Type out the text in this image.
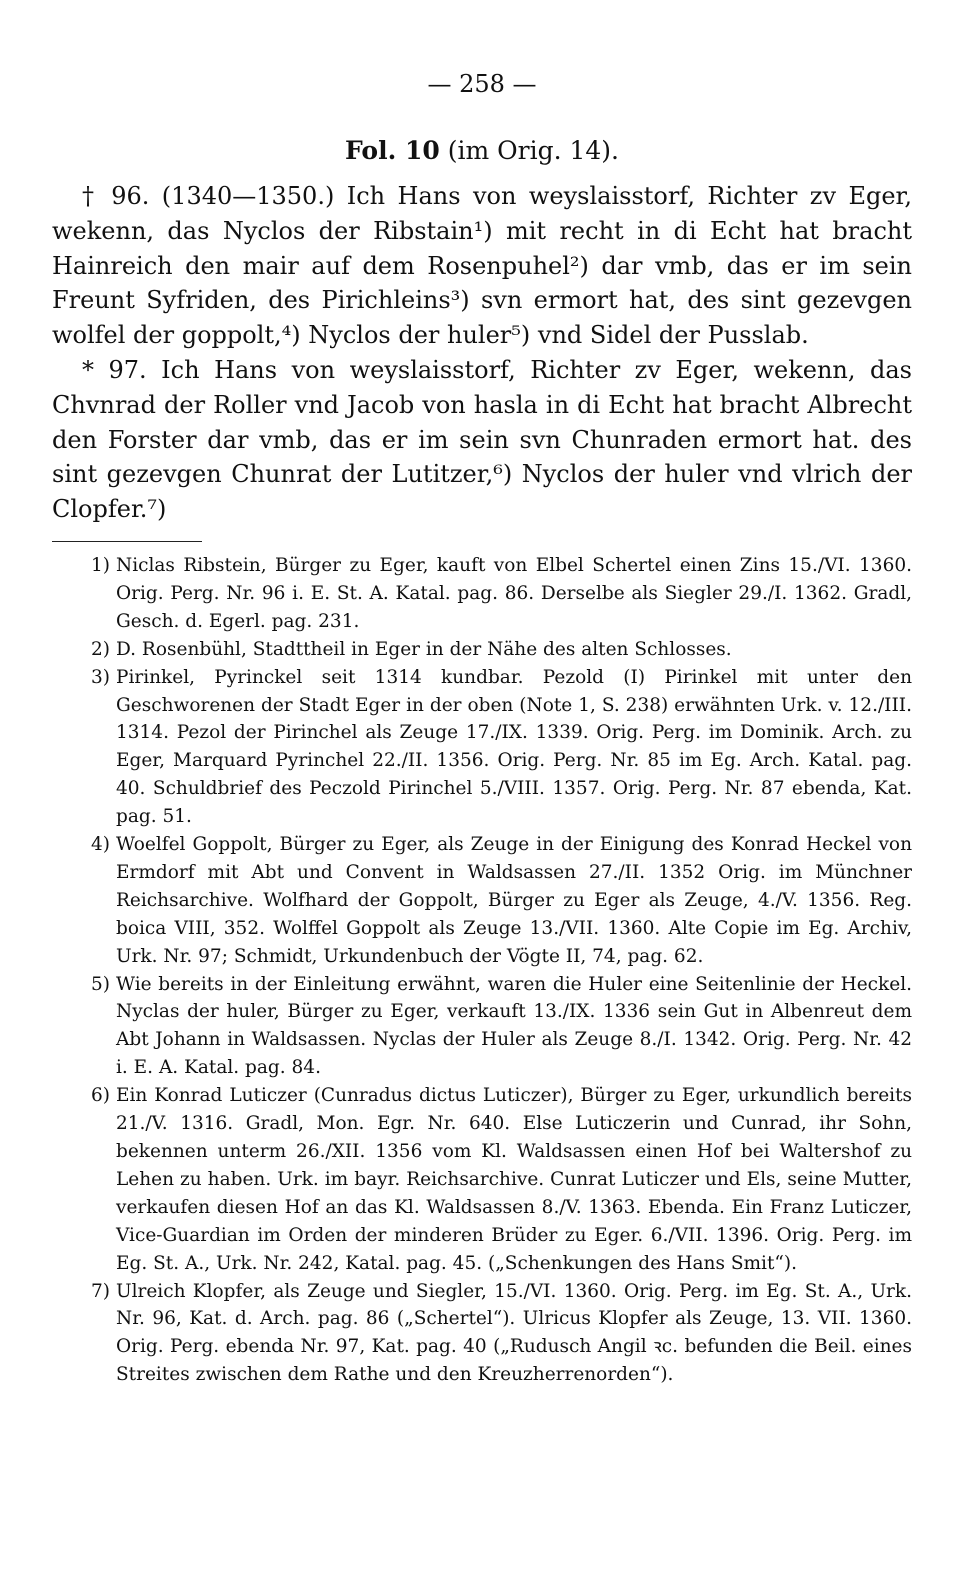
— 258 —
Fol. 10 (im Orig. 14).

† 96. (1340—1350.) Ich Hans von weyslaisstorf, Richter zv Eger, wekenn, das Nyclos der Ribstain¹) mit recht in di Echt hat bracht Hainreich den mair auf dem Rosenpuhel²) dar vmb, das er im sein Freunt Syfriden, des Pirichleins³) svn ermort hat, des sint gezevgen wolfel der goppolt,⁴) Nyclos der huler⁵) vnd Sidel der Pusslab.

* 97. Ich Hans von weyslaisstorf, Richter zv Eger, wekenn, das Chvnrad der Roller vnd Jacob von hasla in di Echt hat bracht Albrecht den Forster dar vmb, das er im sein svn Chunraden ermort hat. des sint gezevgen Chunrat der Lutitzer,⁶) Nyclos der huler vnd vlrich der Clopfer.⁷)

1) Niclas Ribstein, Bürger zu Eger, kauft von Elbel Schertel einen Zins 15./VI. 1360. Orig. Perg. Nr. 96 i. E. St. A. Katal. pag. 86. Derselbe als Siegler 29./I. 1362. Gradl, Gesch. d. Egerl. pag. 231.
2) D. Rosenbühl, Stadttheil in Eger in der Nähe des alten Schlosses.
3) Pirinkel, Pyrinckel seit 1314 kundbar. Pezold (I) Pirinkel mit unter den Geschworenen der Stadt Eger in der oben (Note 1, S. 238) erwähnten Urk. v. 12./III. 1314. Pezol der Pirinchel als Zeuge 17./IX. 1339. Orig. Perg. im Dominik. Arch. zu Eger, Marquard Pyrinchel 22./II. 1356. Orig. Perg. Nr. 85 im Eg. Arch. Katal. pag. 40. Schuldbrief des Peczold Pirinchel 5./VIII. 1357. Orig. Perg. Nr. 87 ebenda, Kat. pag. 51.
4) Woelfel Goppolt, Bürger zu Eger, als Zeuge in der Einigung des Konrad Heckel von Ermdorf mit Abt und Convent in Waldsassen 27./II. 1352 Orig. im Münchner Reichsarchive. Wolfhard der Goppolt, Bürger zu Eger als Zeuge, 4./V. 1356. Reg. boica VIII, 352. Wolffel Goppolt als Zeuge 13./VII. 1360. Alte Copie im Eg. Archiv, Urk. Nr. 97; Schmidt, Urkundenbuch der Vögte II, 74, pag. 62.
5) Wie bereits in der Einleitung erwähnt, waren die Huler eine Seitenlinie der Heckel. Nyclas der huler, Bürger zu Eger, verkauft 13./IX. 1336 sein Gut in Albenreut dem Abt Johann in Waldsassen. Nyclas der Huler als Zeuge 8./I. 1342. Orig. Perg. Nr. 42 i. E. A. Katal. pag. 84.
6) Ein Konrad Luticzer (Cunradus dictus Luticzer), Bürger zu Eger, urkundlich bereits 21./V. 1316. Gradl, Mon. Egr. Nr. 640. Else Luticzerin und Cunrad, ihr Sohn, bekennen unterm 26./XII. 1356 vom Kl. Waldsassen einen Hof bei Waltershof zu Lehen zu haben. Urk. im bayr. Reichsarchive. Cunrat Luticzer und Els, seine Mutter, verkaufen diesen Hof an das Kl. Waldsassen 8./V. 1363. Ebenda. Ein Franz Luticzer, Vice-Guardian im Orden der minderen Brüder zu Eger. 6./VII. 1396. Orig. Perg. im Eg. St. A., Urk. Nr. 242, Katal. pag. 45. („Schenkungen des Hans Smit“).
7) Ulreich Klopfer, als Zeuge und Siegler, 15./VI. 1360. Orig. Perg. im Eg. St. A., Urk. Nr. 96, Kat. d. Arch. pag. 86 („Schertel“). Ulricus Klopfer als Zeuge, 13. VII. 1360. Orig. Perg. ebenda Nr. 97, Kat. pag. 40 („Rudusch Angil ꝛc. befunden die Beil. eines Streites zwischen dem Rathe und den Kreuzherrenorden“).
